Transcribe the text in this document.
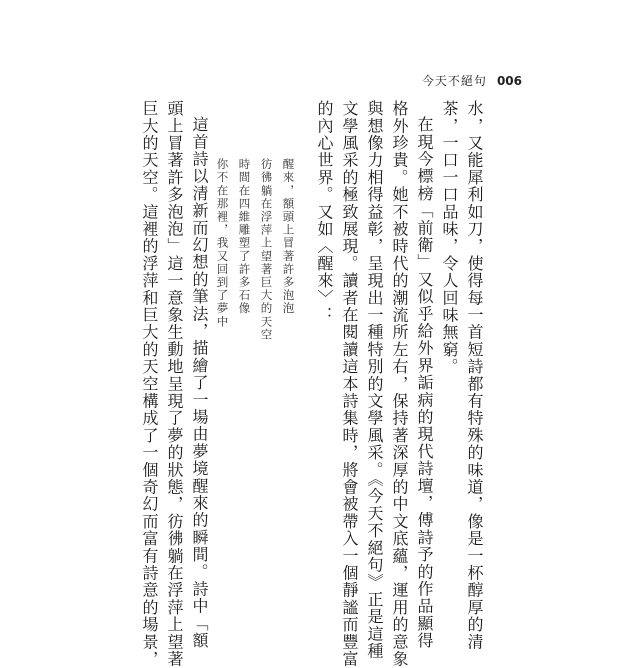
今天不絕句 006
水，又能犀利如刀，使得每一首短詩都有特殊的味道，像是一杯醇厚的清
茶，一口一口品味，令人回味無窮。
在現今標榜「前衛」又似乎給外界詬病的現代詩壇，傅詩予的作品顯得
格外珍貴。她不被時代的潮流所左右，保持著深厚的中文底蘊，運用的意象
與想像力相得益彰，呈現出一種特別的文學風采。《今天不絕句》正是這種
文學風采的極致展現。讀者在閱讀這本詩集時，將會被帶入一個靜謐而豐富
的內心世界。又如〈醒來〉：
醒來，額頭上冒著許多泡泡
彷彿躺在浮萍上望著巨大的天空
時間在四維雕塑了許多石像
你不在那裡，我又回到了夢中
這首詩以清新而幻想的筆法，描繪了一場由夢境醒來的瞬間。詩中「額
頭上冒著許多泡泡」這一意象生動地呈現了夢的狀態，彷彿躺在浮萍上望著
巨大的天空。這裡的浮萍和巨大的天空構成了一個奇幻而富有詩意的場景，
